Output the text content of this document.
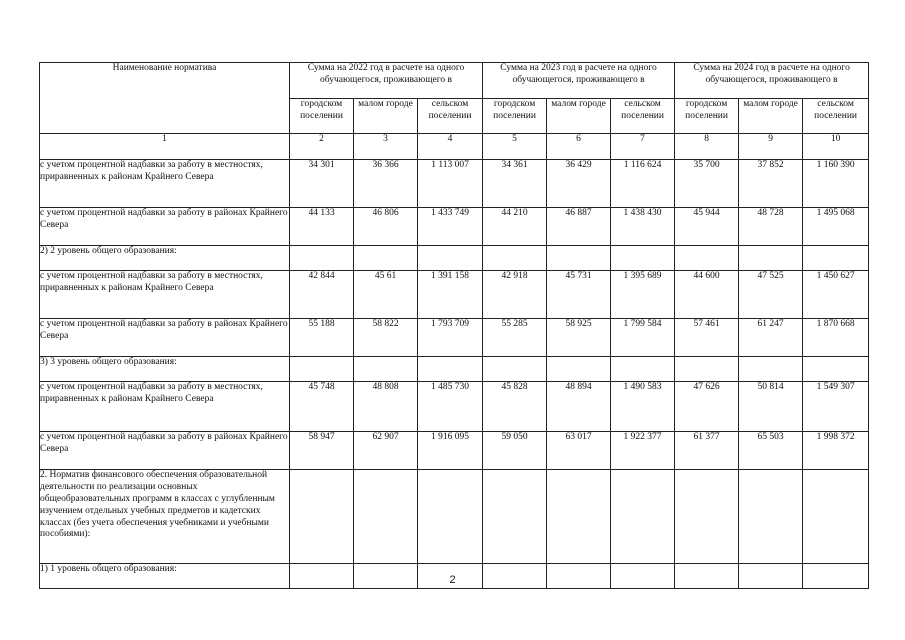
Наименование норматива	Сумма на 2022 год в расчете на одного обучающегося, проживающего в			Сумма на 2023 год в расчете на одного обучающегося, проживающего в			Сумма на 2024 год в расчете на одного обучающегося, проживающего в		
	городском поселении	малом городе	сельском поселении	городском поселении	малом городе	сельском поселении	городском поселении	малом городе	сельском поселении
1	2	3	4	5	6	7	8	9	10
с учетом процентной надбавки за работу в местностях, приравненных к районам Крайнего Севера	34 301	36 366	1 113 007	34 361	36 429	1 116 624	35 700	37 852	1 160 390
с учетом процентной надбавки за работу в районах Крайнего Севера	44 133	46 806	1 433 749	44 210	46 887	1 438 430	45 944	48 728	1 495 068
2) 2 уровень общего образования:									
с учетом процентной надбавки за работу в местностях, приравненных к районам Крайнего Севера	42 844	45 61	1 391 158	42 918	45 731	1 395 689	44 600	47 525	1 450 627
с учетом процентной надбавки за работу в районах Крайнего Севера	55 188	58 822	1 793 709	55 285	58 925	1 799 584	57 461	61 247	1 870 668
3) 3 уровень общего образования:									
с учетом процентной надбавки за работу в местностях, приравненных к районам Крайнего Севера	45 748	48 808	1 485 730	45 828	48 894	1 490 583	47 626	50 814	1 549 307
с учетом процентной надбавки за работу в районах Крайнего Севера	58 947	62 907	1 916 095	59 050	63 017	1 922 377	61 377	65 503	1 998 372
2. Норматив финансового обеспечения образовательной деятельности по реализации основных общеобразовательных программ в классах с углубленным изучением отдельных учебных предметов и кадетских классах (без учета обеспечения учебниками и учебными пособиями):									
1) 1 уровень общего образования:									
2
